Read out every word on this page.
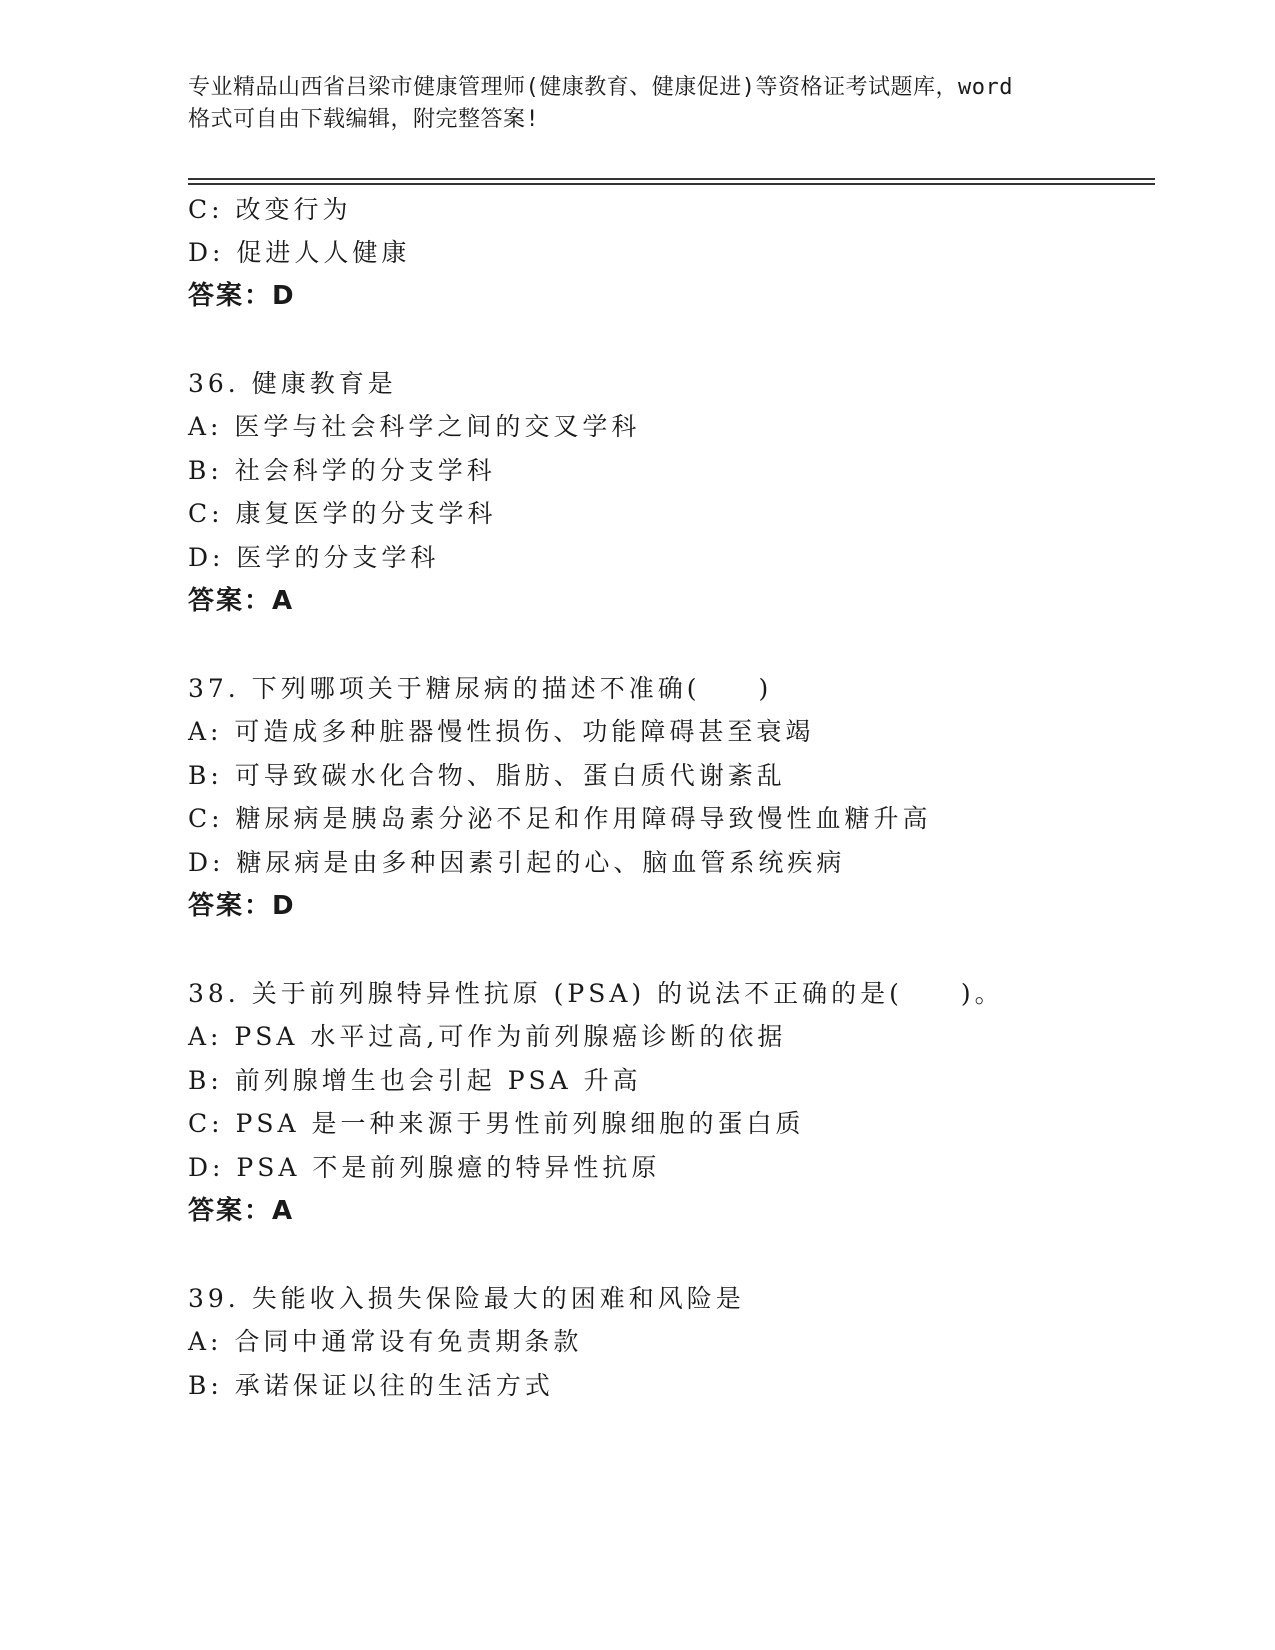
专业精品山西省吕梁市健康管理师(健康教育、健康促进)等资格证考试题库，word
格式可自由下载编辑，附完整答案!
C: 改变行为
D: 促进人人健康
答案：D
36. 健康教育是
A: 医学与社会科学之间的交叉学科
B: 社会科学的分支学科
C: 康复医学的分支学科
D: 医学的分支学科
答案：A
37. 下列哪项关于糖尿病的描述不准确(　　)
A: 可造成多种脏器慢性损伤、功能障碍甚至衰竭
B: 可导致碳水化合物、脂肪、蛋白质代谢紊乱
C: 糖尿病是胰岛素分泌不足和作用障碍导致慢性血糖升高
D: 糖尿病是由多种因素引起的心、脑血管系统疾病
答案：D
38. 关于前列腺特异性抗原 (PSA) 的说法不正确的是(　　)。
A: PSA 水平过高,可作为前列腺癌诊断的依据
B: 前列腺增生也会引起 PSA 升高
C: PSA 是一种来源于男性前列腺细胞的蛋白质
D: PSA 不是前列腺癔的特异性抗原
答案：A
39. 失能收入损失保险最大的困难和风险是
A: 合同中通常设有免责期条款
B: 承诺保证以往的生活方式
